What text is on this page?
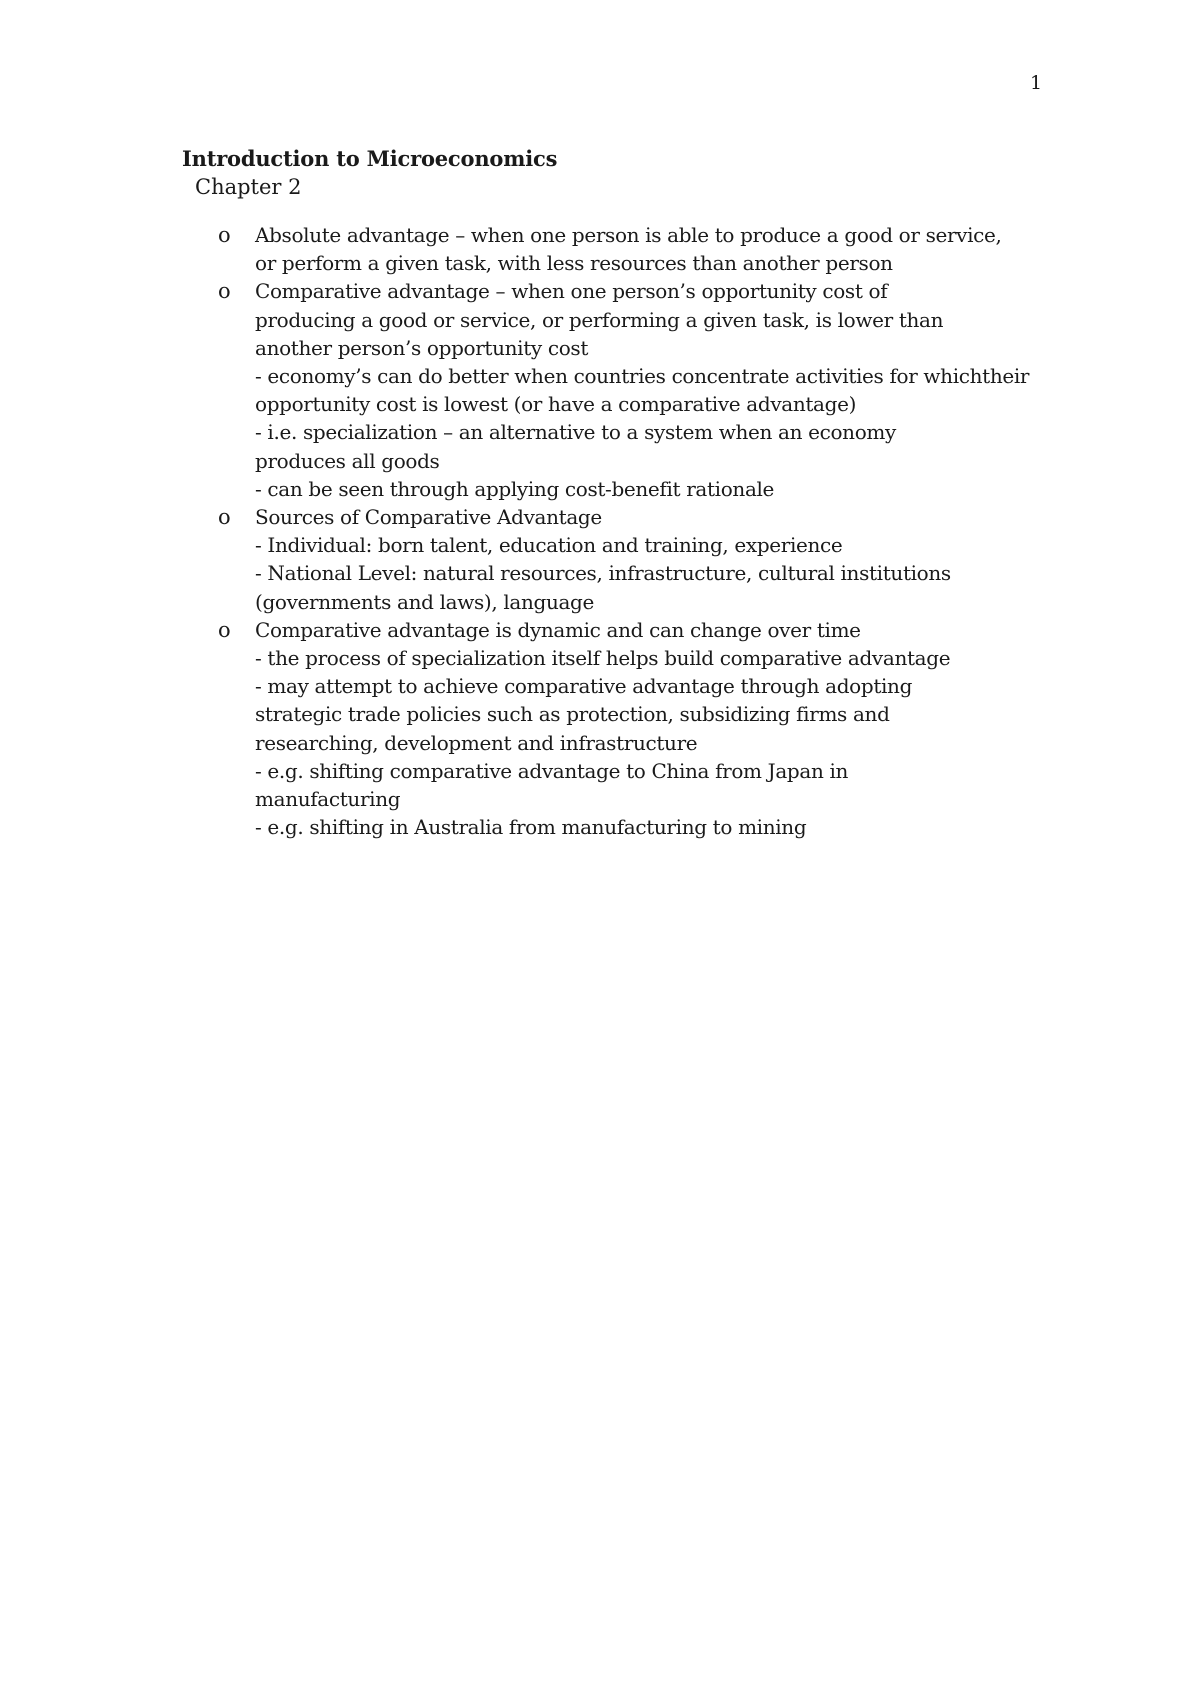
1
Introduction to Microeconomics
Chapter 2
o Absolute advantage – when one person is able to produce a good or service,
or perform a given task, with less resources than another person
o Comparative advantage – when one person’s opportunity cost of
producing a good or service, or performing a given task, is lower than
another person’s opportunity cost
- economy’s can do better when countries concentrate activities for whichtheir
opportunity cost is lowest (or have a comparative advantage)
- i.e. specialization – an alternative to a system when an economy
produces all goods
- can be seen through applying cost-benefit rationale
o Sources of Comparative Advantage
- Individual: born talent, education and training, experience
- National Level: natural resources, infrastructure, cultural institutions
(governments and laws), language
o Comparative advantage is dynamic and can change over time
- the process of specialization itself helps build comparative advantage
- may attempt to achieve comparative advantage through adopting
strategic trade policies such as protection, subsidizing firms and
researching, development and infrastructure
- e.g. shifting comparative advantage to China from Japan in
manufacturing
- e.g. shifting in Australia from manufacturing to mining
